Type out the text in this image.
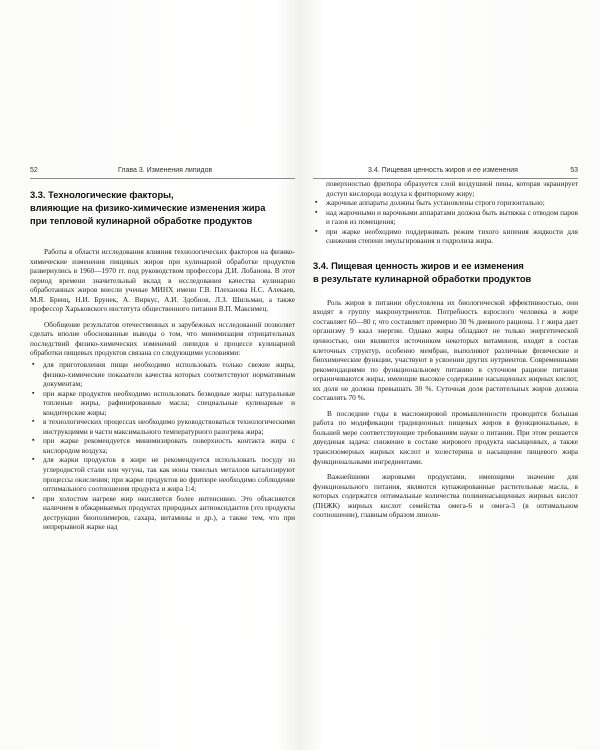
52	Глава 3. Изменения липидов
3.3. Технологические факторы,
влияющие на физико-химические изменения жира
при тепловой кулинарной обработке продуктов

Работы в области исследования влияния технологических факторов на физико-химические изменения пищевых жиров при кулинарной обработке продуктов развернулись в 1960—1970 гг. под руководством профессора Д.И. Лобанова. В этот период времени значительный вклад в исследования качества кулинарно обработанных жиров внесли ученые МИНХ имени Г.В. Плеханова Н.С. Алекаев, М.Я. Бренц, Н.И. Брунек, А. Виркус, А.И. Здобнов, Л.З. Шильман, а также профессор Харьковского института общественного питания В.П. Максимец.

Обобщение результатов отечественных и зарубежных исследований позволяет сделать вполне обоснованные выводы о том, что минимизация отрицательных последствий физико-химических изменений липидов в процессе кулинарной обработки пищевых продуктов связана со следующими условиями:

▪ для приготовления пищи необходимо использовать только свежие жиры, физико-химические показатели качества которых соответствуют нормативным документам;
▪ при жарке продуктов необходимо использовать безводные жиры: натуральные топленые жиры, рафинированные масла; специальные кулинарные и кондитерские жиры;
▪ в технологических процессах необходимо руководствоваться технологическими инструкциями в части максимального температурного разогрева жира;
▪ при жарке рекомендуется минимизировать поверхность контакта жира с кислородом воздуха;
▪ для жарки продуктов в жире не рекомендуется использовать посуду из углеродистой стали или чугуна, так как ионы тяжелых металлов катализируют процессы окисления; при жарке продуктов во фритюре необходимо соблюдение оптимального соотношения продукта и жира 1:4;
▪ при холостом нагреве жир окисляется более интенсивно. Это объясняется наличием в обжариваемых продуктах природных антиоксидантов (это продукты деструкции биополимеров, сахара, витамины и др.), а также тем, что при непрерывной жарке над
3.4. Пищевая ценность жиров и ее изменения	53
поверхностью фритюра образуется слой воздушной пены, которая экранирует доступ кислорода воздуха к фритюрному жиру;
▪ жарочные аппараты должны быть установлены строго горизонтально;
▪ над жарочными и варочными аппаратами должна быть вытяжка с отводом паров и газов из помещения;
▪ при жарке необходимо поддерживать режим тихого кипения жидкости для снижения степени эмульгирования и гидролиза жира.
3.4. Пищевая ценность жиров и ее изменения
в результате кулинарной обработки продуктов

Роль жиров в питании обусловлена их биологической эффективностью, они входят в группу макронутриентов. Потребность взрослого человека в жире составляет 60—80 г, что составляет примерно 30 % дневного рациона. 1 г жира дает организму 9 ккал энергии. Однако жиры обладают не только энергетической ценностью, они являются источником некоторых витаминов, входят в состав клеточных структур, особенно мембран, выполняют различные физические и биохимические функции, участвуют в усвоении других нутриентов. Современными рекомендациями по функциональному питанию в суточном рационе питания ограничиваются жиры, имеющие высокое содержание насыщенных жирных кислот, их доля не должна превышать 30 %. Суточная доля растительных жиров должна составлять 70 %.

В последние годы в масложировой промышленности проводится большая работа по модификации традиционных пищевых жиров в функциональные, в большей мере соответствующие требованиям науки о питании. При этом решается двуединая задача: снижение в составе жирового продукта насыщенных, а также трансизомерных жирных кислот и холестерина и насыщение пищевого жира функциональными ингредиентами.

Важнейшими жировыми продуктами, имеющими значение для функционального питания, являются купажированные растительные масла, в которых содержатся оптимальные количества полиненасыщенных жирных кислот (ПНЖК) жирных кислот семейства омега-6 и омега-3 (в оптимальном соотношении), главным образом линоле-
